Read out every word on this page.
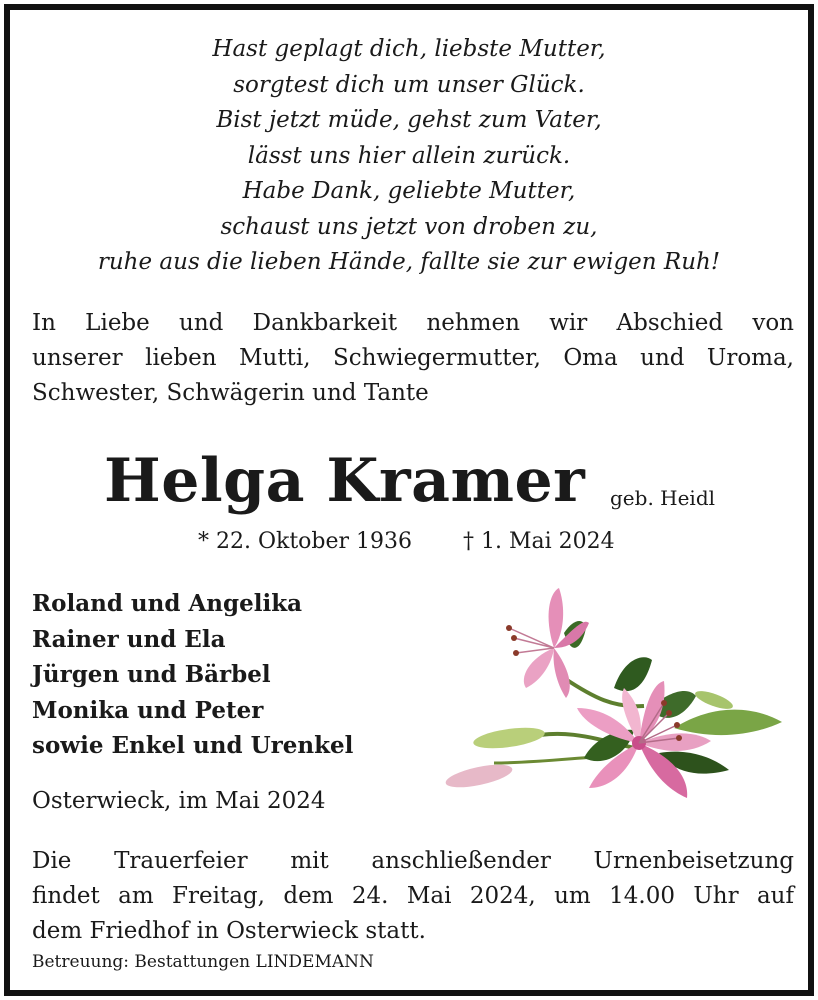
Hast geplagt dich, liebste Mutter,
sorgtest dich um unser Glück.
Bist jetzt müde, gehst zum Vater,
lässt uns hier allein zurück.
Habe Dank, geliebte Mutter,
schaust uns jetzt von droben zu,
ruhe aus die lieben Hände, fallte sie zur ewigen Ruh!
In Liebe und Dankbarkeit nehmen wir Abschied von
unserer lieben Mutti, Schwiegermutter, Oma und Uroma,
Schwester, Schwägerin und Tante
Helga Kramer geb. Heidl
* 22. Oktober 1936 † 1. Mai 2024
Roland und Angelika
Rainer und Ela
Jürgen und Bärbel
Monika und Peter
sowie Enkel und Urenkel
Osterwieck, im Mai 2024
Die Trauerfeier mit anschließender Urnenbeisetzung
findet am Freitag, dem 24. Mai 2024, um 14.00 Uhr auf
dem Friedhof in Osterwieck statt.
Betreuung: Bestattungen LINDEMANN
